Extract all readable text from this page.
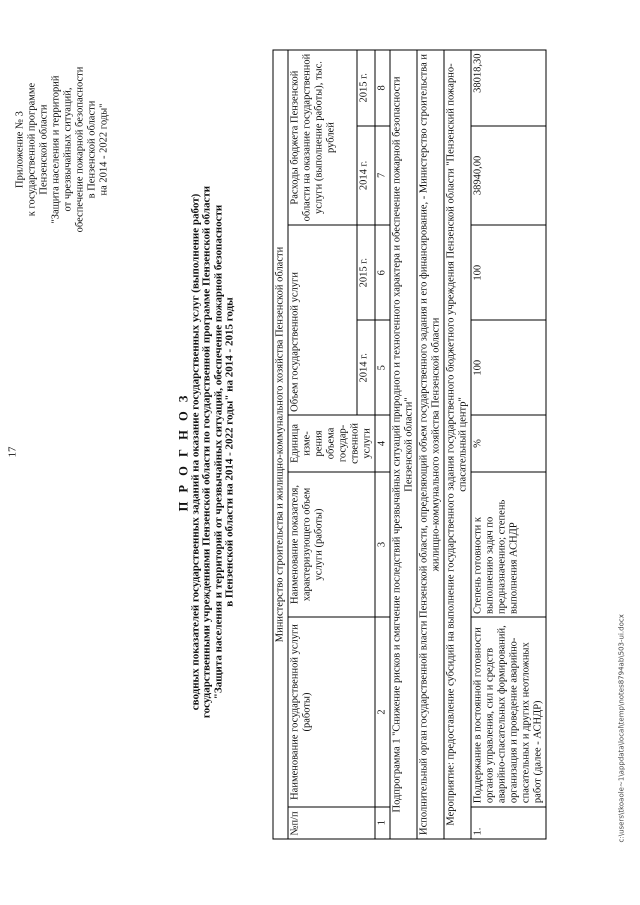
17
Приложение № 3 к государственной программе Пензенской области "Защита населения и территорий от чрезвычайных ситуаций, обеспечение пожарной безопасности в Пензенской области на 2014 - 2022 годы"
П Р О Г Н О З
сводных показателей государственных заданий на оказание государственных услуг (выполнение работ) государственными учреждениями Пензенской области по государственной программе Пензенской области "Защита населения и территорий от чрезвычайных ситуаций, обеспечение пожарной безопасности в Пензенской области на 2014 - 2022 годы" на 2014 - 2015 годы	Министерство строительства и жилищно-коммунального хозяйства Пензенской области							
№п/п	Наименование государственной услуги (работы)	Наименование показателя, характеризующего объем услуги (работы)	Единица изме- рения объема государ- ственной услуги	Объем государственной услуги		Расходы бюджета Пензенской области на оказание государственной услуги (выполнение работы), тыс. рублей	
				2014 г.	2015 г.	2014 г.	2015 г.
1	2	3	4	5	6	7	8
Подпрограмма 1 "Снижение рисков и смягчение последствий чрезвычайных ситуаций природного и техногенного характера и обеспечение пожарной безопасности Пензенской области"							
Исполнительный орган государственной власти Пензенской области, определяющий объем государственного задания и его финансирование, - Министерство строительства и жилищно-коммунального хозяйства Пензенской области							
Мероприятие: предоставление субсидий на выполнение государственного задания государственного бюджетного учреждения Пензенской области "Пензенский пожарно-спасательный центр"							
1.	Поддержание в постоянной готовности органов управления, сил и средств аварийно-спасательных формирований, организация и проведение аварийно-спасательных и других неотложных работ (далее - АСНДР)	Степень готовности к выполнению задач по предназначению; степень выполнения АСНДР	%	100	100	38940,00	38018,30
c:\users\tkoaole~1\appdata\local\temp\notes8794ab\503-ui.docx
